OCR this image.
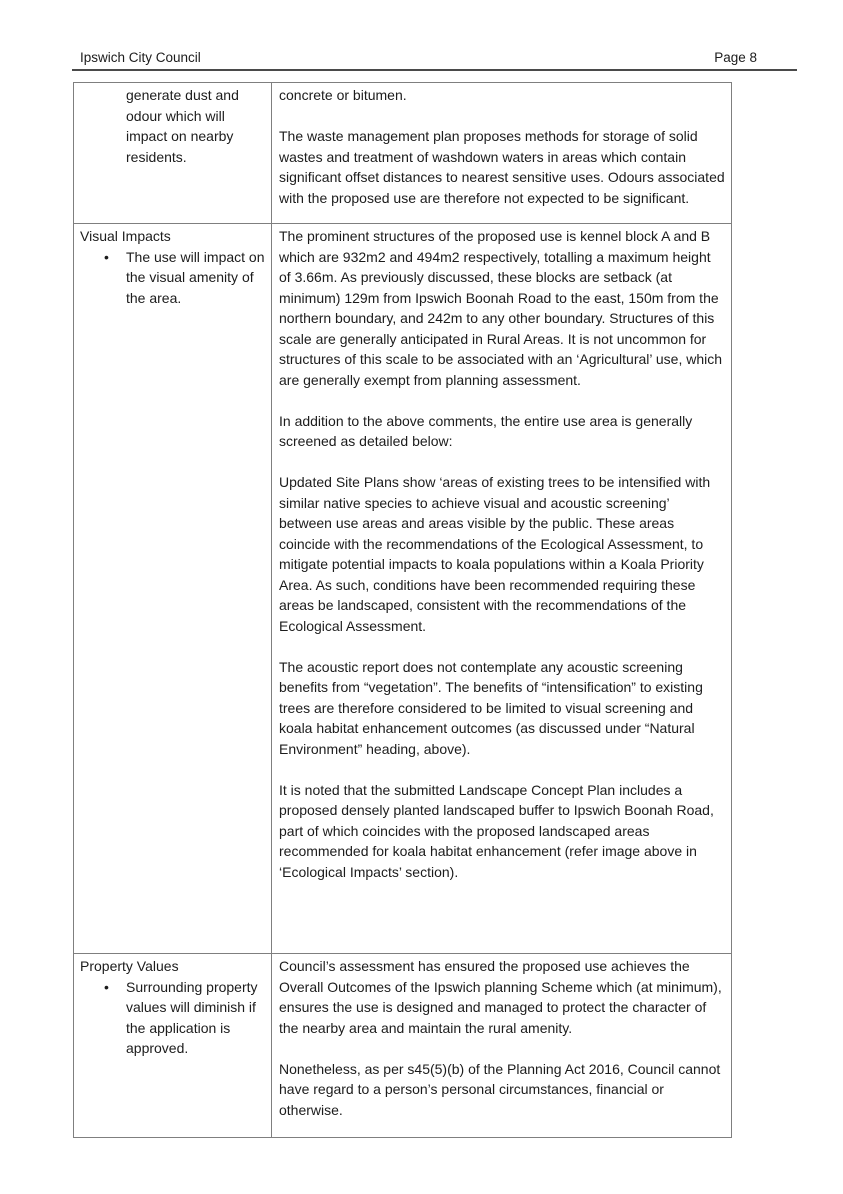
Ipswich City Council	Page 8
generate dust and odour which will impact on nearby residents.

concrete or bitumen.

The waste management plan proposes methods for storage of solid wastes and treatment of washdown waters in areas which contain significant offset distances to nearest sensitive uses. Odours associated with the proposed use are therefore not expected to be significant.

Visual Impacts
• The use will impact on the visual amenity of the area.

The prominent structures of the proposed use is kennel block A and B which are 932m2 and 494m2 respectively, totalling a maximum height of 3.66m. As previously discussed, these blocks are setback (at minimum) 129m from Ipswich Boonah Road to the east, 150m from the northern boundary, and 242m to any other boundary. Structures of this scale are generally anticipated in Rural Areas. It is not uncommon for structures of this scale to be associated with an ‘Agricultural’ use, which are generally exempt from planning assessment.

In addition to the above comments, the entire use area is generally screened as detailed below:

Updated Site Plans show ‘areas of existing trees to be intensified with similar native species to achieve visual and acoustic screening’ between use areas and areas visible by the public. These areas coincide with the recommendations of the Ecological Assessment, to mitigate potential impacts to koala populations within a Koala Priority Area. As such, conditions have been recommended requiring these areas be landscaped, consistent with the recommendations of the Ecological Assessment.

The acoustic report does not contemplate any acoustic screening benefits from “vegetation”. The benefits of “intensification” to existing trees are therefore considered to be limited to visual screening and koala habitat enhancement outcomes (as discussed under “Natural Environment” heading, above).

It is noted that the submitted Landscape Concept Plan includes a proposed densely planted landscaped buffer to Ipswich Boonah Road, part of which coincides with the proposed landscaped areas recommended for koala habitat enhancement (refer image above in ‘Ecological Impacts’ section).

Property Values
• Surrounding property values will diminish if the application is approved.

Council’s assessment has ensured the proposed use achieves the Overall Outcomes of the Ipswich planning Scheme which (at minimum), ensures the use is designed and managed to protect the character of the nearby area and maintain the rural amenity.

Nonetheless, as per s45(5)(b) of the Planning Act 2016, Council cannot have regard to a person’s personal circumstances, financial or otherwise.
